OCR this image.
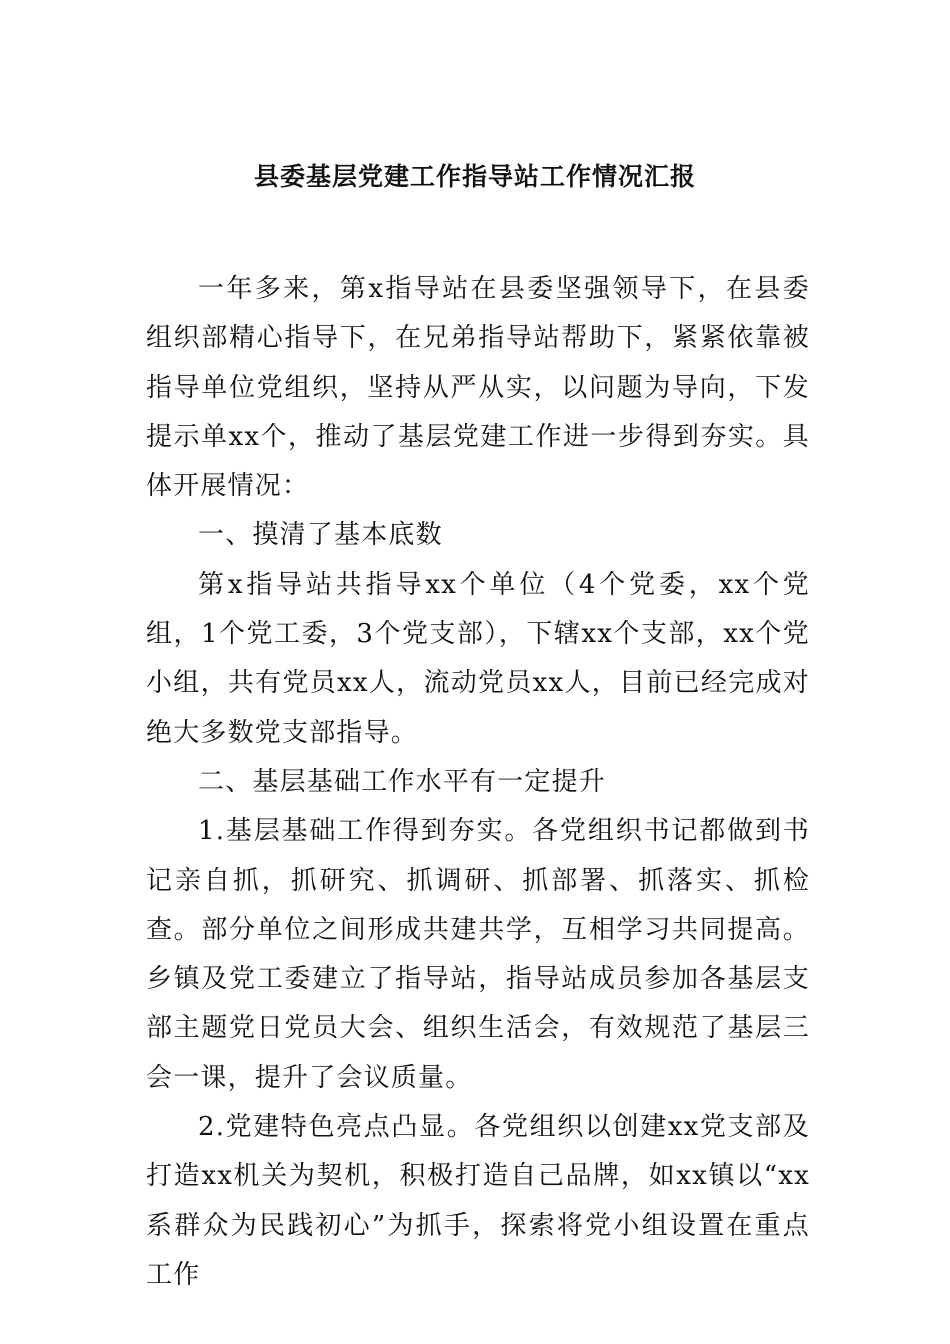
县委基层党建工作指导站工作情况汇报

一年多来，第x指导站在县委坚强领导下，在县委组织部精心指导下，在兄弟指导站帮助下，紧紧依靠被指导单位党组织，坚持从严从实，以问题为导向，下发提示单xx个，推动了基层党建工作进一步得到夯实。具体开展情况：

一、摸清了基本底数

第x指导站共指导xx个单位（4个党委，xx个党组，1个党工委，3个党支部），下辖xx个支部，xx个党小组，共有党员xx人，流动党员xx人，目前已经完成对绝大多数党支部指导。

二、基层基础工作水平有一定提升

1.基层基础工作得到夯实。各党组织书记都做到书记亲自抓，抓研究、抓调研、抓部署、抓落实、抓检查。部分单位之间形成共建共学，互相学习共同提高。乡镇及党工委建立了指导站，指导站成员参加各基层支部主题党日党员大会、组织生活会，有效规范了基层三会一课，提升了会议质量。

2.党建特色亮点凸显。各党组织以创建xx党支部及打造xx机关为契机，积极打造自己品牌，如xx镇以“xx系群众为民践初心”为抓手，探索将党小组设置在重点工作
